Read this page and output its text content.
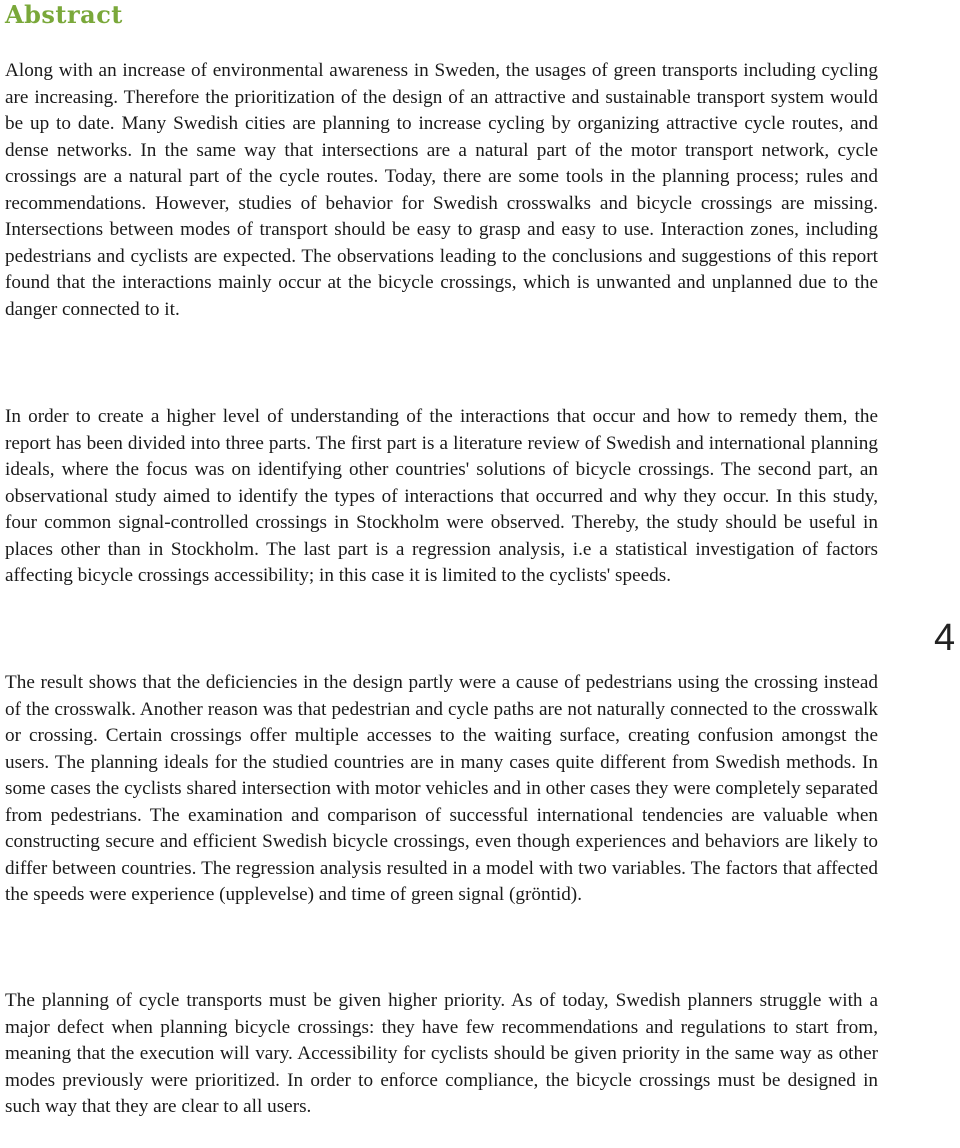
Abstract

Along with an increase of environmental awareness in Sweden, the usages of green transports including cycling are increasing. Therefore the prioritization of the design of an attractive and sustainable transport system would be up to date. Many Swedish cities are planning to increase cycling by organizing attractive cycle routes, and dense networks. In the same way that intersections are a natural part of the motor transport network, cycle crossings are a natural part of the cycle routes. Today, there are some tools in the planning process; rules and recommendations. However, studies of behavior for Swedish crosswalks and bicycle crossings are missing. Intersections between modes of transport should be easy to grasp and easy to use. Interaction zones, including pedestrians and cyclists are expected. The observations leading to the conclusions and suggestions of this report found that the interactions mainly occur at the bicycle crossings, which is unwanted and unplanned due to the danger connected to it.

In order to create a higher level of understanding of the interactions that occur and how to remedy them, the report has been divided into three parts. The first part is a literature review of Swedish and international planning ideals, where the focus was on identifying other countries' solutions of bicycle crossings. The second part, an observational study aimed to identify the types of interactions that occurred and why they occur. In this study, four common signal-controlled crossings in Stockholm were observed. Thereby, the study should be useful in places other than in Stockholm. The last part is a regression analysis, i.e a statistical investigation of factors affecting bicycle crossings accessibility; in this case it is limited to the cyclists' speeds.

The result shows that the deficiencies in the design partly were a cause of pedestrians using the crossing instead of the crosswalk. Another reason was that pedestrian and cycle paths are not naturally connected to the crosswalk or crossing. Certain crossings offer multiple accesses to the waiting surface, creating confusion amongst the users. The planning ideals for the studied countries are in many cases quite different from Swedish methods. In some cases the cyclists shared intersection with motor vehicles and in other cases they were completely separated from pedestrians. The examination and comparison of successful international tendencies are valuable when constructing secure and efficient Swedish bicycle crossings, even though experiences and behaviors are likely to differ between countries. The regression analysis resulted in a model with two variables. The factors that affected the speeds were experience (upplevelse) and time of green signal (gröntid).

The planning of cycle transports must be given higher priority. As of today, Swedish planners struggle with a major defect when planning bicycle crossings: they have few recommendations and regulations to start from, meaning that the execution will vary. Accessibility for cyclists should be given priority in the same way as other modes previously were prioritized. In order to enforce compliance, the bicycle crossings must be designed in such way that they are clear to all users.

4
